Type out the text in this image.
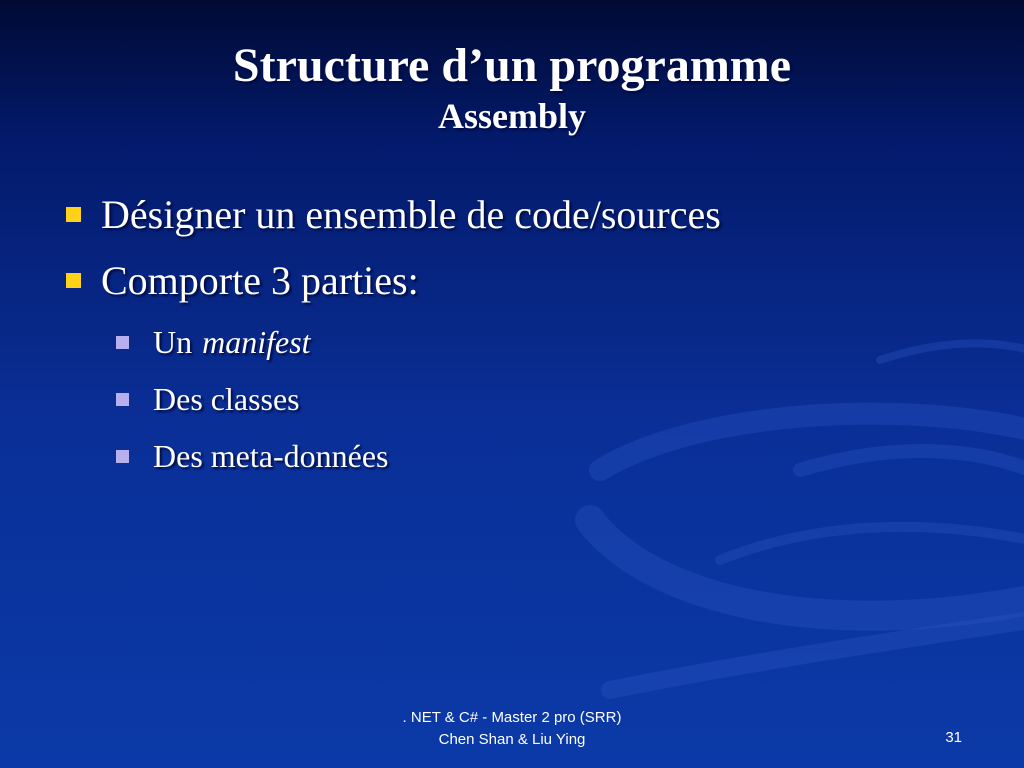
Structure d’un programme
Assembly
Désigner un ensemble de code/sources
Comporte 3 parties:
Un manifest
Des classes
Des meta-données
. NET & C# - Master 2 pro (SRR)
Chen Shan & Liu Ying	31
